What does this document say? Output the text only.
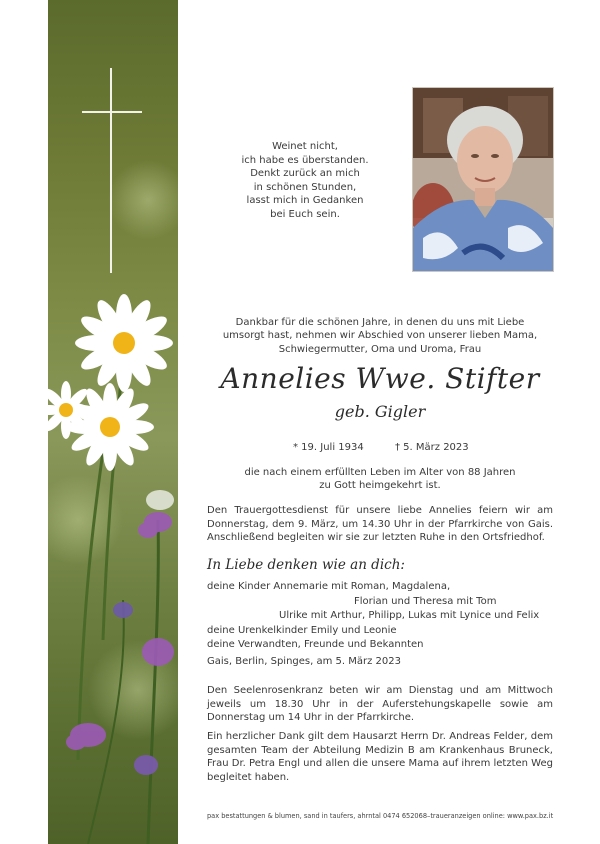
Weinet nicht,
ich habe es überstanden.
Denkt zurück an mich
in schönen Stunden,
lasst mich in Gedanken
bei Euch sein.
Dankbar für die schönen Jahre, in denen du uns mit Liebe
umsorgt hast, nehmen wir Abschied von unserer lieben Mama,
Schwiegermutter, Oma und Uroma, Frau
Annelies Wwe. Stifter
geb. Gigler
* 19. Juli 1934	† 5. März 2023
die nach einem erfüllten Leben im Alter von 88 Jahren
zu Gott heimgekehrt ist.
Den Trauergottesdienst für unsere liebe Annelies feiern wir am Donnerstag, dem 9. März, um 14.30 Uhr in der Pfarrkirche von Gais. Anschließend begleiten wir sie zur letzten Ruhe in den Ortsfriedhof.
In Liebe denken wie an dich:
deine Kinder Annemarie mit Roman, Magdalena,
Florian und Theresa mit Tom
Ulrike mit Arthur, Philipp, Lukas mit Lynice und Felix
deine Urenkelkinder Emily und Leonie
deine Verwandten, Freunde und Bekannten
Gais, Berlin, Spinges, am 5. März 2023
Den Seelenrosenkranz beten wir am Dienstag und am Mittwoch jeweils um 18.30 Uhr in der Auferstehungskapelle sowie am Donnerstag um 14 Uhr in der Pfarrkirche.
Ein herzlicher Dank gilt dem Hausarzt Herrn Dr. Andreas Felder, dem gesamten Team der Abteilung Medizin B am Krankenhaus Bruneck, Frau Dr. Petra Engl und allen die unsere Mama auf ihrem letzten Weg begleitet haben.
pax bestattungen & blumen, sand in taufers, ahrntal 0474 652068–traueranzeigen online: www.pax.bz.it
